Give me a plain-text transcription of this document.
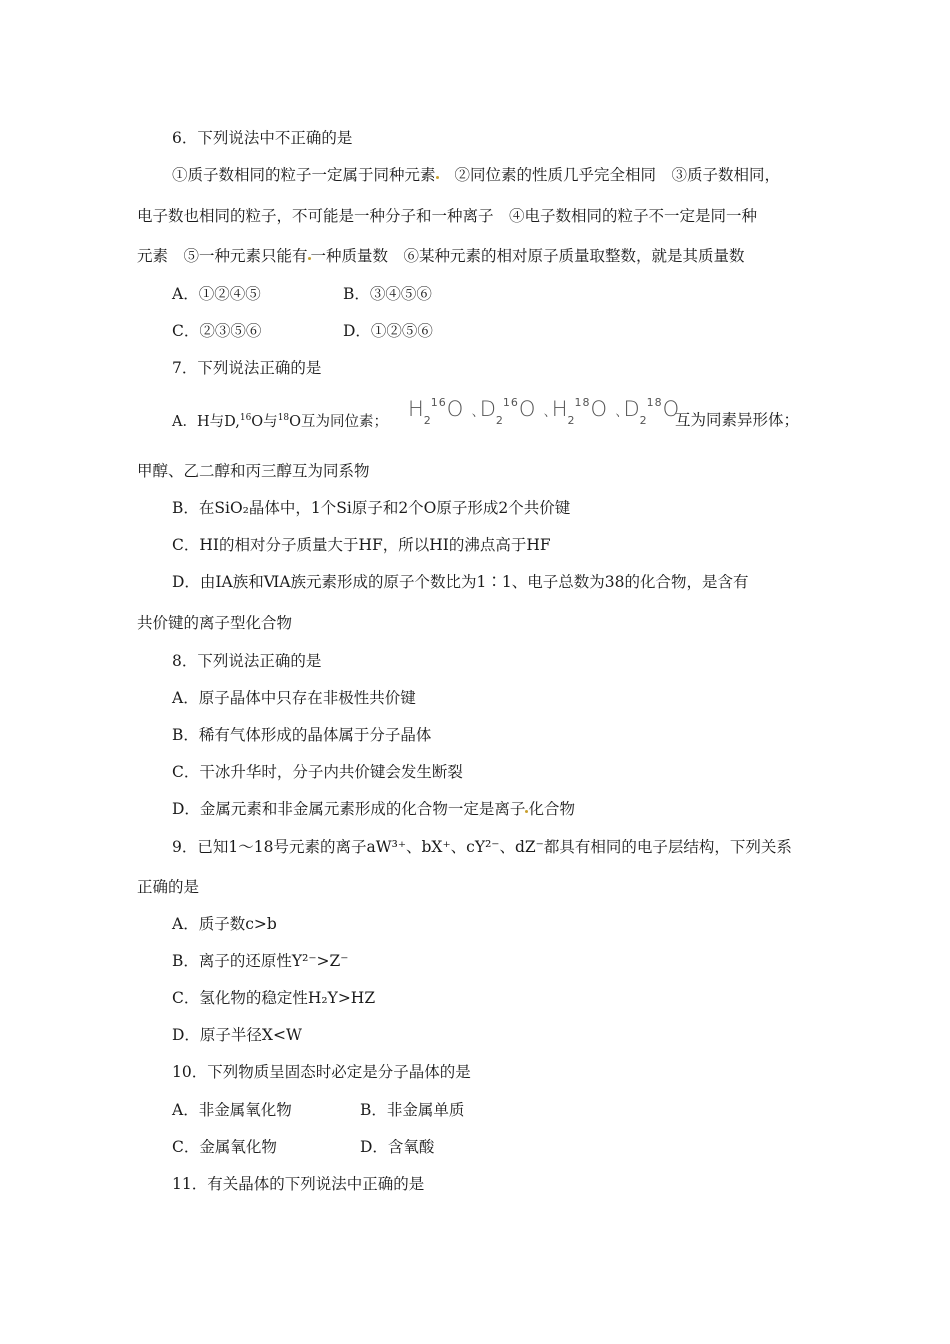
6．下列说法中不正确的是
①质子数相同的粒子一定属于同种元素 ②同位素的性质几乎完全相同　③质子数相同，
电子数也相同的粒子，不可能是一种分子和一种离子　④电子数相同的粒子不一定是同一种
元素　⑤一种元素只能有 一种质量数　⑥某种元素的相对原子质量取整数，就是其质量数
A．①②④⑤	B．③④⑤⑥
C．②③⑤⑥	D．①②⑤⑥
7．下列说法正确的是
A．H与D,$^{16}$O与$^{18}$O互为同位素；
$H_2^{16}O$ ､$D_2^{16}O$ ､$H_2^{18}O$ ､$D_2^{18}O$
互为同素异形体；
甲醇、乙二醇和丙三醇互为同系物
B．在SiO₂晶体中，1个Si原子和2个O原子形成2个共价键
C．HI的相对分子质量大于HF，所以HI的沸点高于HF
D．由ⅠA族和ⅥA族元素形成的原子个数比为1∶1、电子总数为38的化合物，是含有
共价键的离子型化合物
8．下列说法正确的是
A．原子晶体中只存在非极性共价键
B．稀有气体形成的晶体属于分子晶体
C．干冰升华时，分子内共价键会发生断裂
D．金属元素和非金属元素形成的化合物一定是离子 化合物
9．已知1～18号元素的离子aW³⁺、bX⁺、cY²⁻、dZ⁻都具有相同的电子层结构，下列关系
正确的是
A．质子数c>b
B．离子的还原性Y²⁻>Z⁻
C．氢化物的稳定性H₂Y>HZ
D．原子半径X<W
10．下列物质呈固态时必定是分子晶体的是
A．非金属氧化物	B．非金属单质
C．金属氧化物	D．含氧酸
11．有关晶体的下列说法中正确的是
